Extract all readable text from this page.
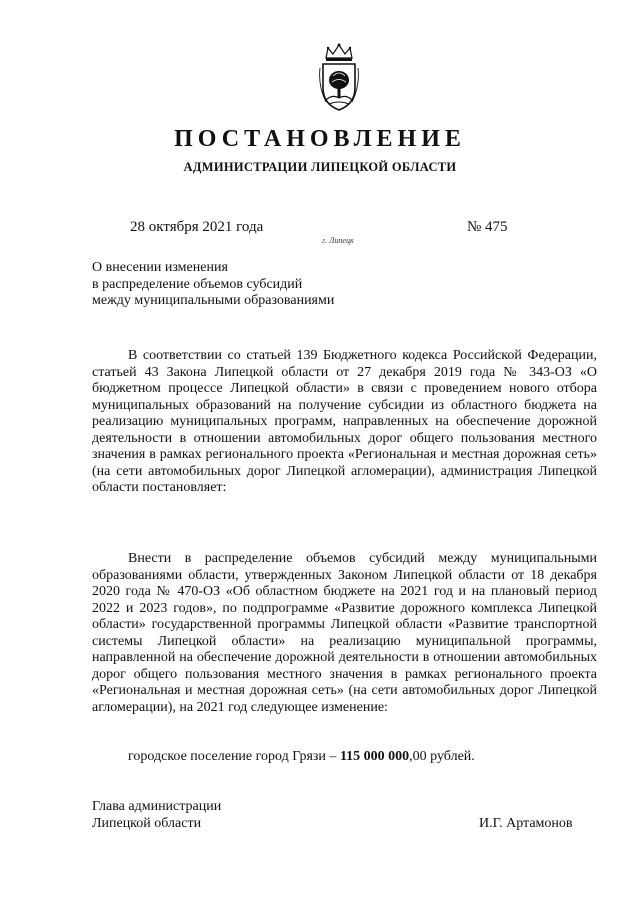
ПОСТАНОВЛЕНИЕ
АДМИНИСТРАЦИИ ЛИПЕЦКОЙ ОБЛАСТИ
28 октября 2021 года
г. Липецк
№ 475
О внесении изменения
в распределение объемов субсидий
между муниципальными образованиями
В соответствии со статьей 139 Бюджетного кодекса Российской Федерации, статьей 43 Закона Липецкой области от 27 декабря 2019 года № 343-ОЗ «О бюджетном процессе Липецкой области» в связи с проведением нового отбора муниципальных образований на получение субсидии из областного бюджета на реализацию муниципальных программ, направленных на обеспечение дорожной деятельности в отношении автомобильных дорог общего пользования местного значения в рамках регионального проекта «Региональная и местная дорожная сеть» (на сети автомобильных дорог Липецкой агломерации), администрация Липецкой области постановляет:
Внести в распределение объемов субсидий между муниципальными образованиями области, утвержденных Законом Липецкой области от 18 декабря 2020 года № 470-ОЗ «Об областном бюджете на 2021 год и на плановый период 2022 и 2023 годов», по подпрограмме «Развитие дорожного комплекса Липецкой области» государственной программы Липецкой области «Развитие транспортной системы Липецкой области» на реализацию муниципальной программы, направленной на обеспечение дорожной деятельности в отношении автомобильных дорог общего пользования местного значения в рамках регионального проекта «Региональная и местная дорожная сеть» (на сети автомобильных дорог Липецкой агломерации), на 2021 год следующее изменение:
городское поселение город Грязи – 115 000 000,00 рублей.
Глава администрации
Липецкой области	И.Г. Артамонов
